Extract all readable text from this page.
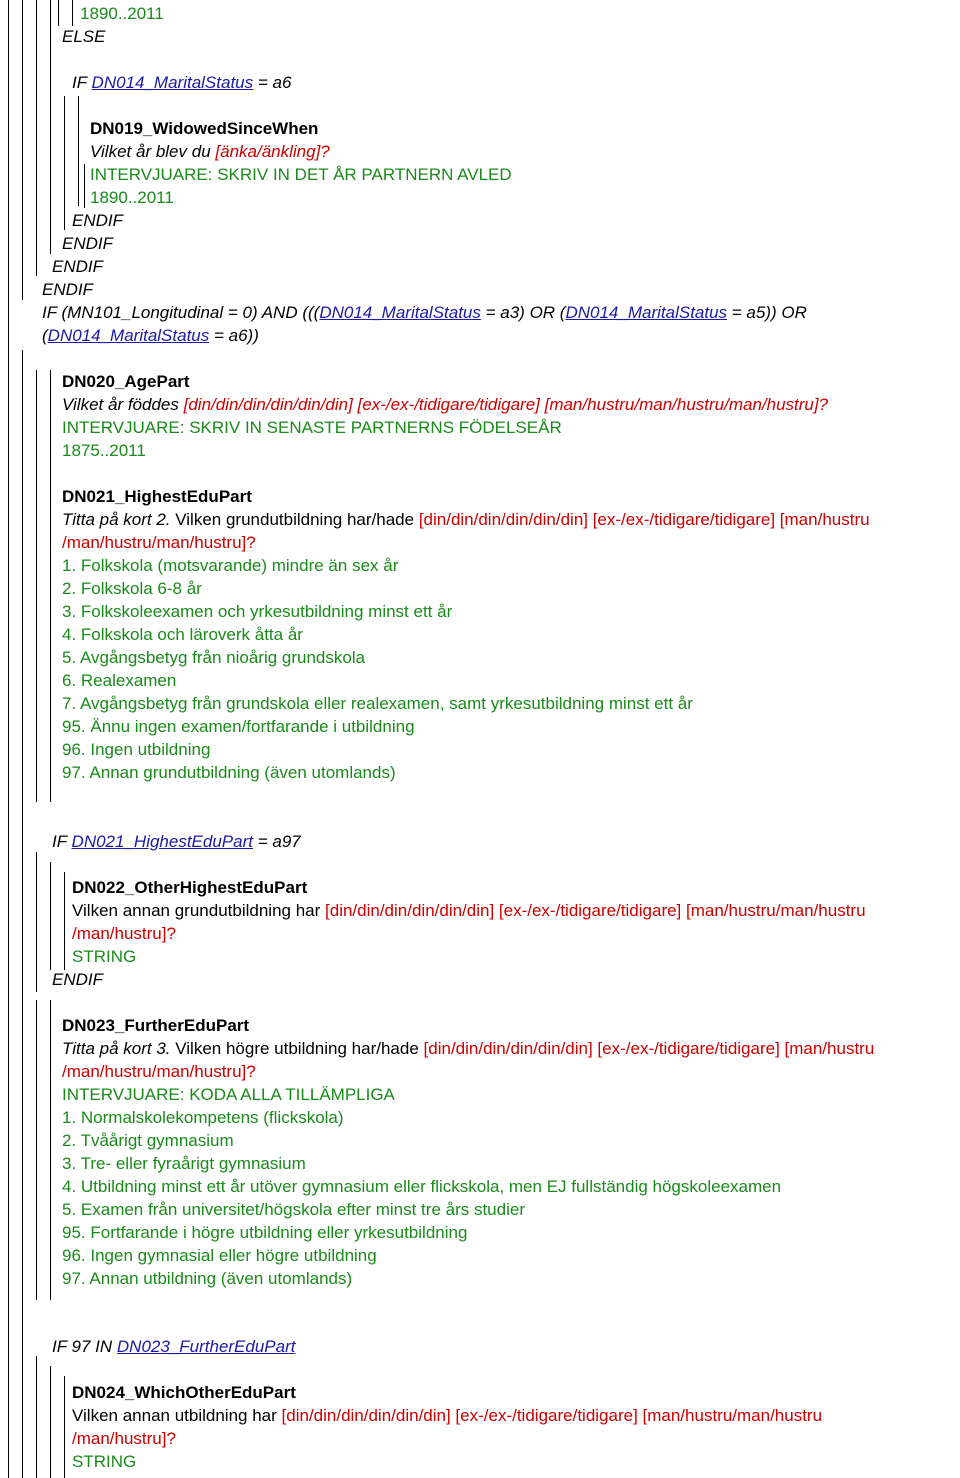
1890..2011
ELSE
IF DN014_MaritalStatus = a6
DN019_WidowedSinceWhen
Vilket år blev du [änka/änkling]?
INTERVJUARE: SKRIV IN DET ÅR PARTNERN AVLED
1890..2011
ENDIF
ENDIF
ENDIF
ENDIF
IF (MN101_Longitudinal = 0) AND (((DN014_MaritalStatus = a3) OR (DN014_MaritalStatus = a5)) OR
(DN014_MaritalStatus = a6))
DN020_AgePart
Vilket år föddes [din/din/din/din/din/din] [ex-/ex-/tidigare/tidigare] [man/hustru/man/hustru/man/hustru]?
INTERVJUARE: SKRIV IN SENASTE PARTNERNS FÖDELSEÅR
1875..2011
DN021_HighestEduPart
Titta på kort 2. Vilken grundutbildning har/hade [din/din/din/din/din/din] [ex-/ex-/tidigare/tidigare] [man/hustru
/man/hustru/man/hustru]?
1. Folkskola (motsvarande) mindre än sex år
2. Folkskola 6-8 år
3. Folkskoleexamen och yrkesutbildning minst ett år
4. Folkskola och läroverk åtta år
5. Avgångsbetyg från nioårig grundskola
6. Realexamen
7. Avgångsbetyg från grundskola eller realexamen, samt yrkesutbildning minst ett år
95. Ännu ingen examen/fortfarande i utbildning
96. Ingen utbildning
97. Annan grundutbildning (även utomlands)
IF DN021_HighestEduPart = a97
DN022_OtherHighestEduPart
Vilken annan grundutbildning har [din/din/din/din/din/din] [ex-/ex-/tidigare/tidigare] [man/hustru/man/hustru
/man/hustru]?
STRING
ENDIF
DN023_FurtherEduPart
Titta på kort 3. Vilken högre utbildning har/hade [din/din/din/din/din/din] [ex-/ex-/tidigare/tidigare] [man/hustru
/man/hustru/man/hustru]?
INTERVJUARE: KODA ALLA TILLÄMPLIGA
1. Normalskolekompetens (flickskola)
2. Tvåårigt gymnasium
3. Tre- eller fyraårigt gymnasium
4. Utbildning minst ett år utöver gymnasium eller flickskola, men EJ fullständig högskoleexamen
5. Examen från universitet/högskola efter minst tre års studier
95. Fortfarande i högre utbildning eller yrkesutbildning
96. Ingen gymnasial eller högre utbildning
97. Annan utbildning (även utomlands)
IF 97 IN DN023_FurtherEduPart
DN024_WhichOtherEduPart
Vilken annan utbildning har [din/din/din/din/din/din] [ex-/ex-/tidigare/tidigare] [man/hustru/man/hustru
/man/hustru]?
STRING
